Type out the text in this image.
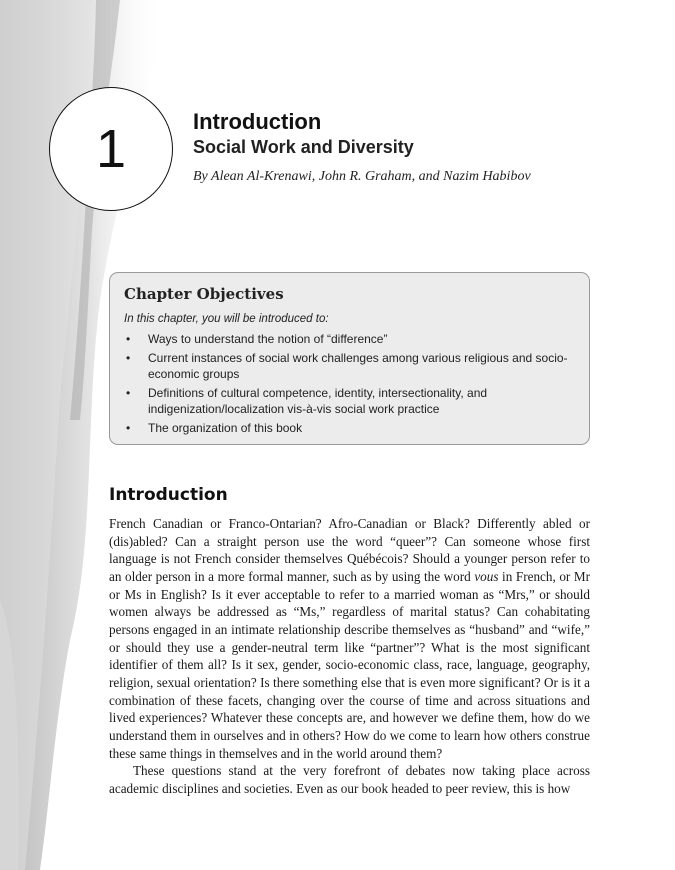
1	Introduction
Social Work and Diversity

By Alean Al-Krenawi, John R. Graham, and Nazim Habibov

Chapter Objectives

In this chapter, you will be introduced to:

• Ways to understand the notion of “difference”
• Current instances of social work challenges among various religious and socio-economic groups
• Definitions of cultural competence, identity, intersectionality, and indigenization/localization vis-à-vis social work practice
• The organization of this book
Introduction

French Canadian or Franco-Ontarian? Afro-Canadian or Black? Differently abled or (dis)abled? Can a straight person use the word “queer”? Can someone whose first language is not French consider themselves Québécois? Should a younger person refer to an older person in a more formal manner, such as by using the word vous in French, or Mr or Ms in English? Is it ever acceptable to refer to a married woman as “Mrs,” or should women always be addressed as “Ms,” regardless of marital status? Can cohabitating persons engaged in an intimate relationship describe themselves as “husband” and “wife,” or should they use a gender-neutral term like “partner”? What is the most significant identifier of them all? Is it sex, gender, socio-economic class, race, language, geography, religion, sexual orientation? Is there something else that is even more significant? Or is it a combination of these facets, changing over the course of time and across situations and lived experiences? Whatever these concepts are, and however we define them, how do we understand them in ourselves and in others? How do we come to learn how others construe these same things in themselves and in the world around them?

These questions stand at the very forefront of debates now taking place across academic disciplines and societies. Even as our book headed to peer review, this is how
